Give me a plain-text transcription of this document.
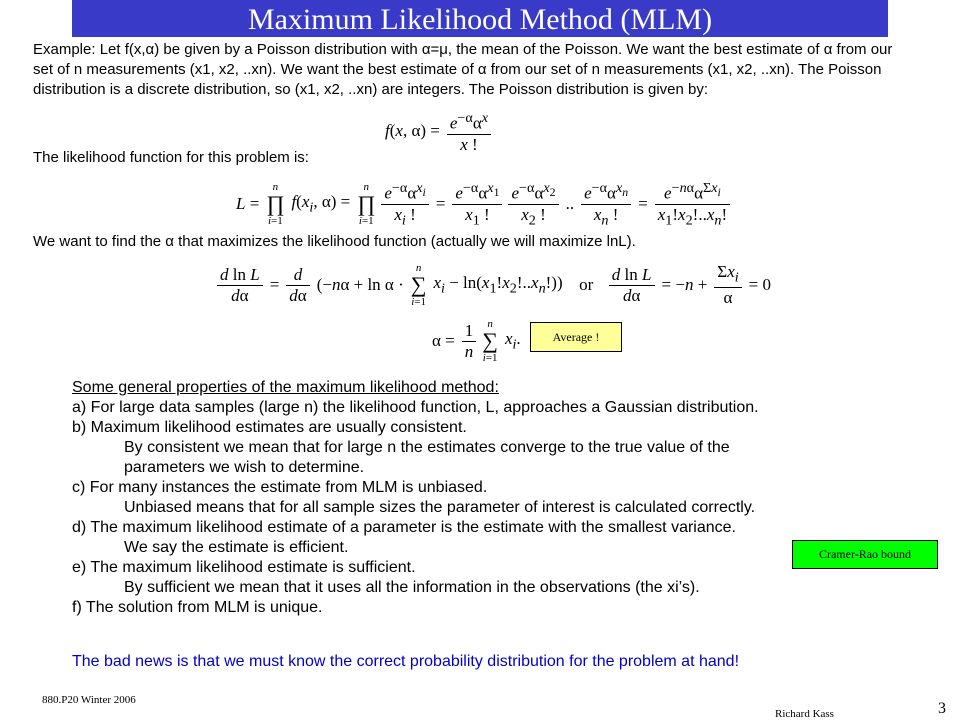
Maximum Likelihood Method (MLM)
Example: Let f(x,α) be given by a Poisson distribution with α=μ, the mean of the Poisson. We want the best estimate of α from our set of n measurements (x1, x2, ..xn). We want the best estimate of α from our set of n measurements (x1, x2, ..xn). The Poisson distribution is a discrete distribution, so (x1, x2, ..xn) are integers. The Poisson distribution is given by:
f(x, $\alpha) = \frac{e^{-\alpha}\alpha^x}{x !}$
The likelihood function for this problem is:
L =n
∏
$i=1f(x_i$, α) =n
∏
$i=1 \frac{e^{-\alpha}\alpha^{x_i}}{x_i !} = \frac{e^{-\alpha}\alpha^{x_1}}{x_1 !} \frac{e^{-\alpha}\alpha^{x_2}}{x_2 !}$ .. $\frac{e^{-\alpha}\alpha^{x_n}}{x_n !} = \frac{e^{-n\alpha}\alpha^{\Sigma x_i}}{x_1!x_2!..x_n!}$
We want to find the α that maximizes the likelihood function (actually we will maximize lnL).
$\frac{\text{d ln L}}{d\alpha} = \frac{d}{d\alpha} (-n\alpha + \ln \alpha \cdot n$
∑
$i=1x_i - \ln(x_1!x_2!..x_n!)$)  or $\frac{\text{d ln L}}{d\alpha} = -n + \frac{\Sigma x_i}{\alpha} = 0$
$\alpha = \frac{1}{n}$ n
∑
$i=1x_i$.	Average !
Some general properties of the maximum likelihood method:
a) For large data samples (large n) the likelihood function, L, approaches a Gaussian distribution.
b) Maximum likelihood estimates are usually consistent.
By consistent we mean that for large n the estimates converge to the true value of the parameters we wish to determine.
c) For many instances the estimate from MLM is unbiased.
Unbiased means that for all sample sizes the parameter of interest is calculated correctly.
d) The maximum likelihood estimate of a parameter is the estimate with the smallest variance.
We say the estimate is efficient.
e) The maximum likelihood estimate is sufficient.
By sufficient we mean that it uses all the information in the observations (the xi’s).
f) The solution from MLM is unique.
The bad news is that we must know the correct probability distribution for the problem at hand!
Cramer-Rao bound
880.P20 Winter 2006
Richard Kass	3
